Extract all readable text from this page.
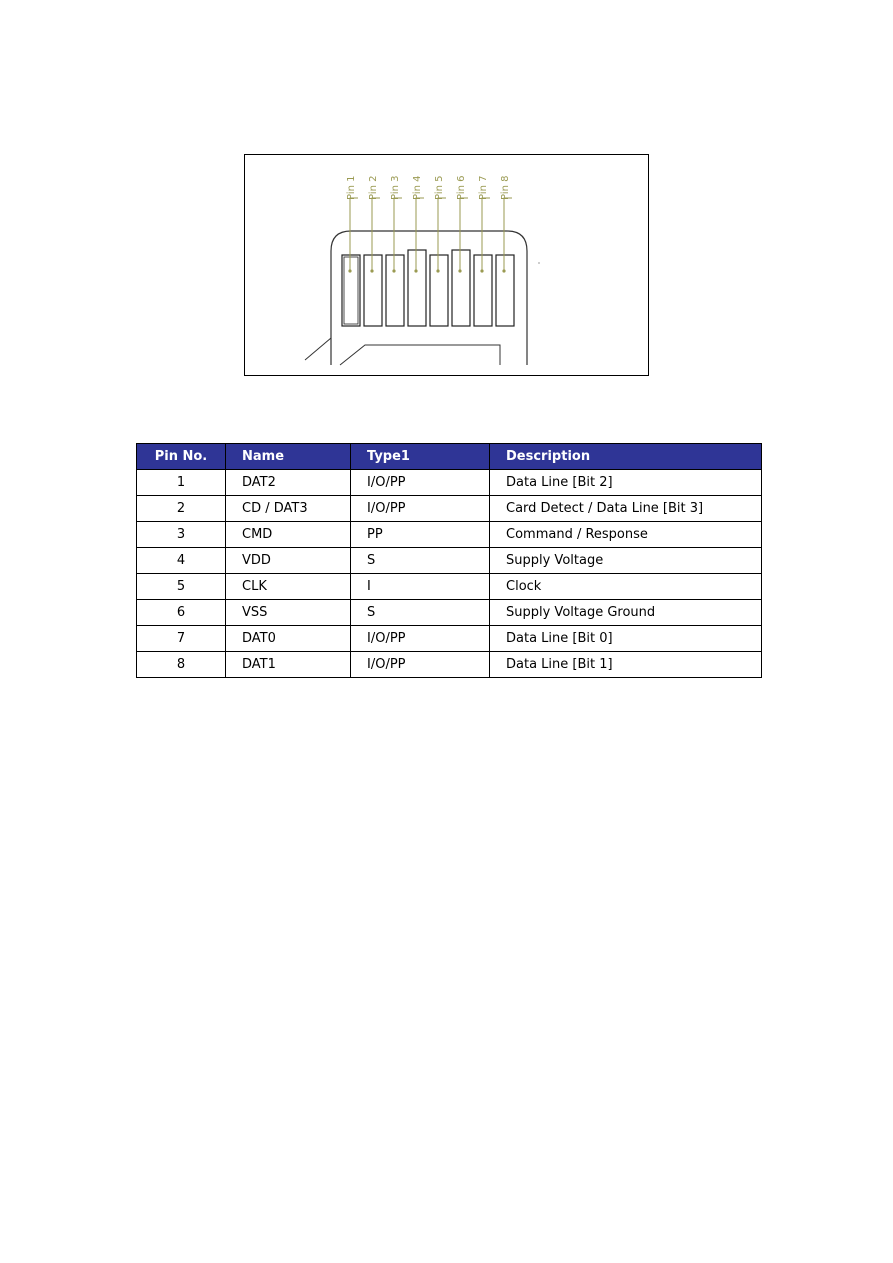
Pin 1 Pin 2 Pin 3 Pin 4 Pin 5 Pin 6 Pin 7 Pin 8
Pin No.	Name	Type1	Description
1	DAT2	I/O/PP	Data Line [Bit 2]
2	CD / DAT3	I/O/PP	Card Detect / Data Line [Bit 3]
3	CMD	PP	Command / Response
4	VDD	S	Supply Voltage
5	CLK	I	Clock
6	VSS	S	Supply Voltage Ground
7	DAT0	I/O/PP	Data Line [Bit 0]
8	DAT1	I/O/PP	Data Line [Bit 1]
